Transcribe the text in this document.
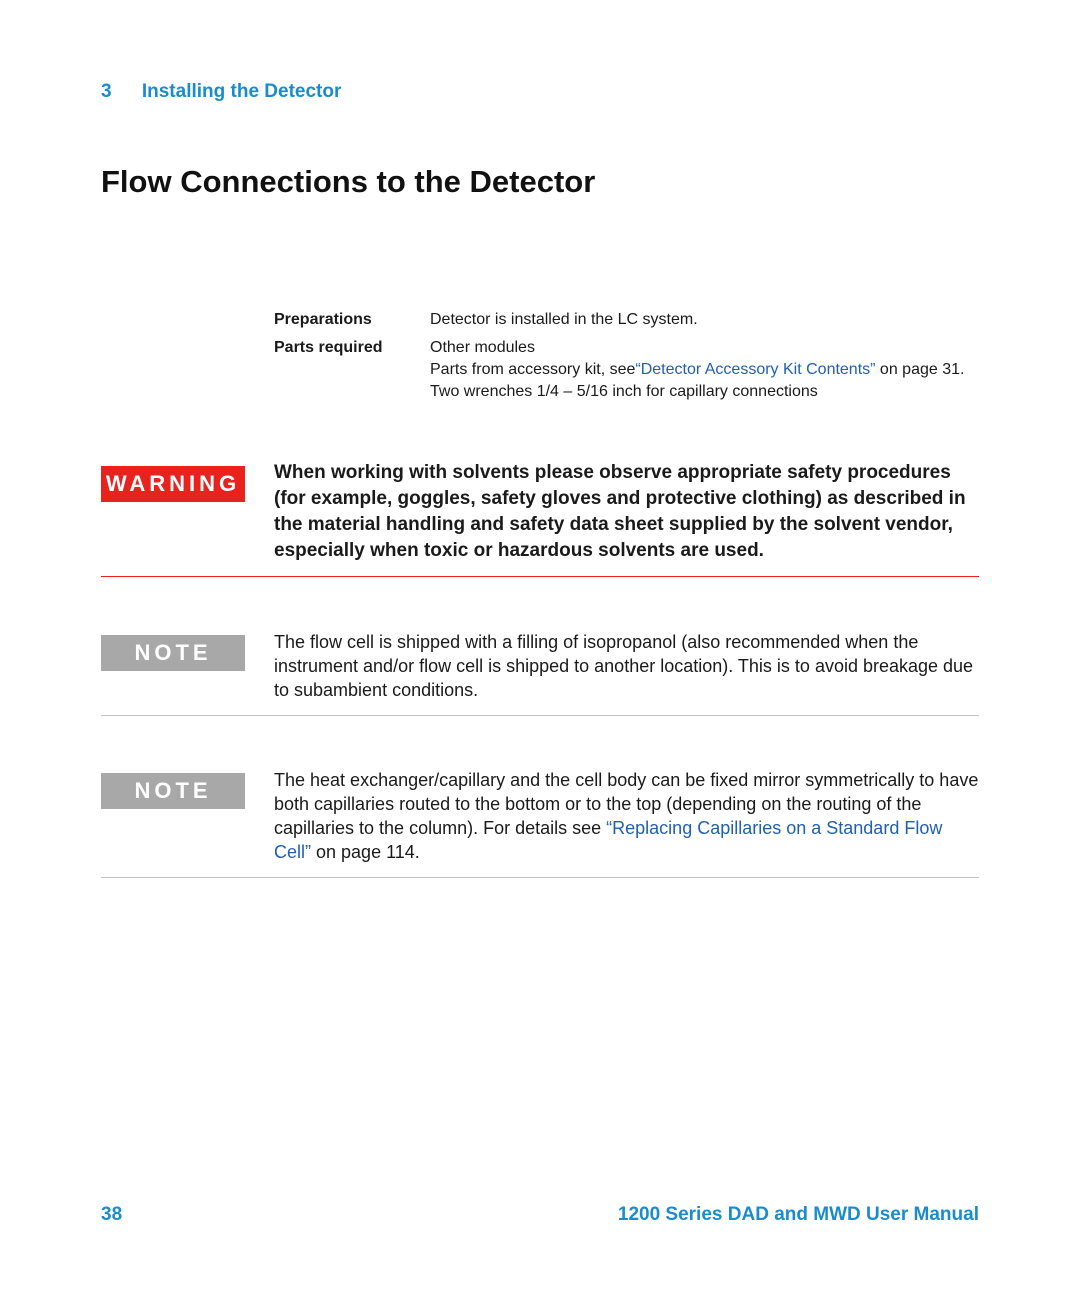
3 Installing the Detector
Flow Connections to the Detector
Preparations	Detector is installed in the LC system.
Parts required	Other modules
Parts from accessory kit, see“Detector Accessory Kit Contents” on page 31.
Two wrenches 1/4 – 5/16 inch for capillary connections
WARNING When working with solvents please observe appropriate safety procedures (for example, goggles, safety gloves and protective clothing) as described in the material handling and safety data sheet supplied by the solvent vendor, especially when toxic or hazardous solvents are used.
NOTE	The flow cell is shipped with a filling of isopropanol (also recommended when the instrument and/or flow cell is shipped to another location). This is to avoid breakage due to subambient conditions.
NOTE	The heat exchanger/capillary and the cell body can be fixed mirror symmetrically to have both capillaries routed to the bottom or to the top (depending on the routing of the capillaries to the column). For details see “Replacing Capillaries on a Standard Flow Cell” on page 114.
38	1200 Series DAD and MWD User Manual
